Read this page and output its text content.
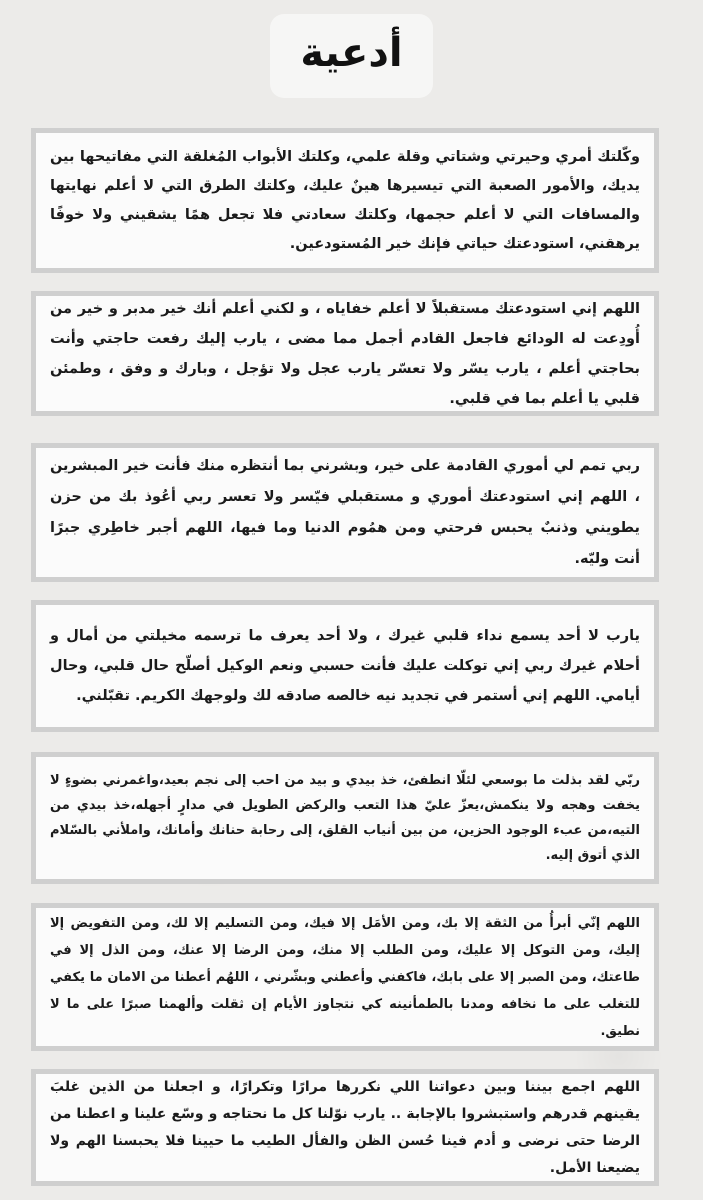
أدعية

وكّلتك أمري وحيرتي وشتاتي وقلة علمي، وكلتك الأبواب المُغلقة التي مفاتيحها بين يديك، والأمور الصعبة التي تيسيرها هينٌ عليك، وكلتك الطرق التي لا أعلم نهايتها والمسافات التي لا أعلم حجمها، وكلتك سعادتي فلا تجعل همًا يشقيني ولا خوفًا يرهقني، استودعتك حياتي فإنك خير المُستودعين.

اللهم إني استودعتك مستقبلاً لا أعلم خفاياه ، و لكني أعلم أنك خير مدبر و خير من أُودِعت له الودائع فاجعل القادم أجمل مما مضى ، يارب إليك رفعت حاجتي وأنت بحاجتي أعلم ، يارب يسّر ولا تعسّر يارب عجل ولا تؤجل ، وبارك و وفق ، وطمئن قلبي يا أعلم بما في قلبي.

ربي تمم لي أموري القادمة على خير، وبشرني بما أنتظره منك فأنت خير المبشرين ، اللهم إني استودعتك أموري و مستقبلي فيّسر ولا تعسر ربي أعُوذ بك من حزن يطويني وذنبٌ يحبس فرحتي ومن همُوم الدنيا وما فيها، اللهم أجبر خاطِري جبرًا أنت وليّه.

يارب لا أحد يسمع نداء قلبي غيرك ، ولا أحد يعرف ما ترسمه مخيلتي من أمال و أحلام غيرك ربي إني توكلت عليك فأنت حسبي ونعم الوكيل أصلّح حال قلبي، وحال أيامي. اللهم إني أستمر في تجديد نيه خالصه صادقه لك ولوجهك الكريم. تقبّلني.

ربّي لقد بذلت ما بوسعي لئلّا انطفئ، خذ بيدي و بيد من احب إلى نجم بعيد،واغمرني بضوءٍ لا يخفت وهجه ولا ينكمش،يعزّ عليّ هذا التعب والركض الطويل في مدارٍ أجهله،خذ بيدي من التيه،من عبء الوجود الحزين، من بين أنياب القلق، إلى رحابة حنانك وأمانك، واملأني بالسّلام الذي أتوق إليه.

اللهم إنّي أبرأُ من الثقة إلا بك، ومن الأمَل إلا فيك، ومن التسليم إلا لك، ومن التفويض إلا إليك، ومن التوكل إلا عليك، ومن الطلب إلا منك، ومن الرضا إلا عنك، ومن الذل إلا في طاعتك، ومن الصبر إلا على بابك، فاكفني وأعطني وبشّرني ، اللهُم أعطنا من الامان ما يكفي للتغلب على ما نخافه ومدنا بالطمأنينه كي نتجاوز الأيام إن ثقلت وألهمنا صبرًا على ما لا نطيق.

اللهم اجمع بيننا وبين دعواتنا اللي نكررها مرارًا وتكرارًا، و اجعلنا من الذين غلبَ يقينهم قدرهم واستبشروا بالإجابة .. يارب نوّلنا كل ما نحتاجه و وسّع علينا و اعطنا من الرضا حتى نرضى و أدم فينا حُسن الظن والفأل الطيب ما حيينا فلا يحبسنا الهم ولا يضيعنا الأمل.
